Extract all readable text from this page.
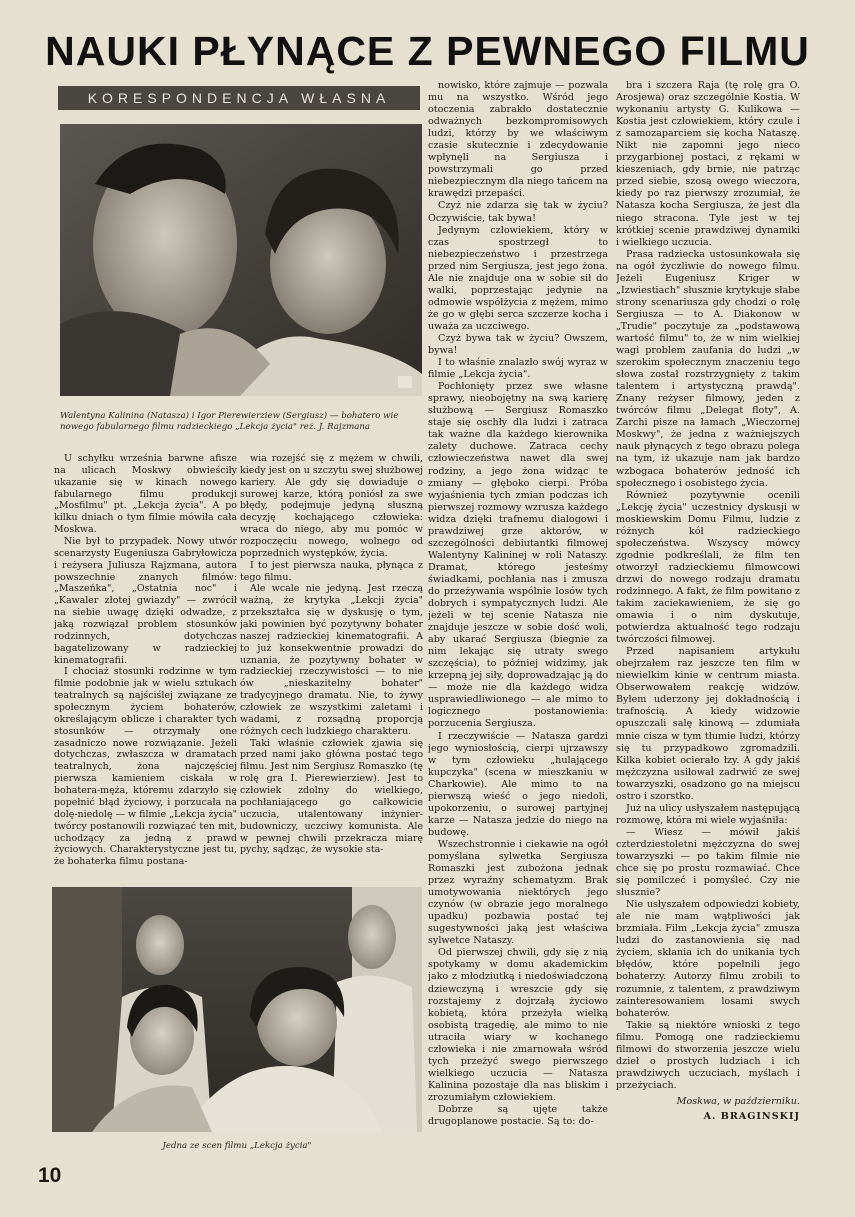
NAUKI PŁYNĄCE Z PEWNEGO FILMU
KORESPONDENCJA WŁASNA
Walentyna Kalinina (Natasza) i Igor Pierewierziew (Sergiusz) — bohatero wie nowego fabularnego filmu radzieckiego „Lekcja życia" reż. J. Rajzmana
Jedna ze scen filmu „Lekcja życia"

U schyłku września barwne afisze na ulicach Moskwy obwieściły ukazanie się w kinach nowego fabularnego filmu produkcji „Mosfilmu" pt. „Lekcja życia". A po kilku dniach o tym filmie mówiła cała Moskwa.

Nie był to przypadek. Nowy utwór scenarzysty Eugeniusza Gabryłowicza i reżysera Juliusza Rajzmana, autora powszechnie znanych filmów: „Maszeńka", „Ostatnia noc" i „Kawaler złotej gwiazdy" — zwrócił na siebie uwagę dzięki odwadze, z jaką rozwiązał problem stosunków rodzinnych, dotychczas bagatelizowany w radzieckiej kinematografii.

I chociaż stosunki rodzinne w tym filmie podobnie jak w wielu sztukach teatralnych są najściślej związane ze społecznym życiem bohaterów, określającym oblicze i charakter tych stosunków — otrzymały one zasadniczo nowe rozwiązanie. Jeżeli dotychczas, zwłaszcza w dramatach teatralnych, żona najczęściej pierwsza kamieniem ciskała w bohatera-męża, któremu zdarzyło się popełnić błąd życiowy, i porzucała na dolę-niedolę — w filmie „Lekcja życia" twórcy postanowili rozwiązać ten mit, uchodzący za jedną z prawd życiowych. Charakterystyczne jest tu, że bohaterka filmu postana-

wia rozejść się z mężem w chwili, kiedy jest on u szczytu swej służbowej kariery. Ale gdy się dowiaduje o surowej karze, którą poniósł za swe błędy, podejmuje jedyną słuszną decyzję kochającego człowieka: wraca do niego, aby mu pomóc w rozpoczęciu nowego, wolnego od poprzednich występków, życia.

I to jest pierwsza nauka, płynąca z tego filmu.

Ale wcale nie jedyną. Jest rzeczą ważną, że krytyka „Lekcji życia" przekształca się w dyskusję o tym, jaki powinien być pozytywny bohater naszej radzieckiej kinematografii. A to już konsekwentnie prowadzi do uznania, że pozytywny bohater w radzieckiej rzeczywistości — to nie ów „nieskazitelny bohater" tradycyjnego dramatu. Nie, to żywy człowiek ze wszystkimi zaletami i wadami, z rozsądną proporcją różnych cech ludzkiego charakteru.

Taki właśnie człowiek zjawia się przed nami jako główna postać tego filmu. Jest nim Sergiusz Romaszko (tę rolę gra I. Pierewierziew). Jest to człowiek zdolny do wielkiego, pochłaniającego go całkowicie uczucia, utalentowany inżynier-budowniczy, uczciwy komunista. Ale w pewnej chwili przekracza miarę pychy, sądząc, że wysokie sta-

nowisko, które zajmuje — pozwala mu na wszystko. Wśród jego otoczenia zabrakło dostatecznie odważnych bezkompromisowych ludzi, którzy by we właściwym czasie skutecznie i zdecydowanie wpłynęli na Sergiusza i powstrzymali go przed niebezpiecznym dla niego tańcem na krawędzi przepaści.

Czyż nie zdarza się tak w życiu? Oczywiście, tak bywa!

Jedynym człowiekiem, który w czas spostrzegł to niebezpieczeństwo i przestrzega przed nim Sergiusza, jest jego żona. Ale nie znajduje ona w sobie sił do walki, poprzestając jedynie na odmowie współżycia z mężem, mimo że go w głębi serca szczerze kocha i uważa za uczciwego.

Czyż bywa tak w życiu? Owszem, bywa!

I to właśnie znalazło swój wyraz w filmie „Lekcja życia".

Pochłonięty przez swe własne sprawy, nieobojętny na swą karierę służbową — Sergiusz Romaszko staje się oschły dla ludzi i zatraca tak ważne dla każdego kierownika zalety duchowe. Zatraca cechy człowieczeństwa nawet dla swej rodziny, a jego żona widząc te zmiany — głęboko cierpi. Próba wyjaśnienia tych zmian podczas ich pierwszej rozmowy wzrusza każdego widza dzięki trafnemu dialogowi i prawdziwej grze aktorów, w szczególności debiutantki filmowej Walentyny Kalininej w roli Nataszy. Dramat, którego jesteśmy świadkami, pochłania nas i zmusza do przeżywania wspólnie losów tych dobrych i sympatycznych ludzi. Ale jeżeli w tej scenie Natasza nie znajduje jeszcze w sobie dość woli, aby ukarać Sergiusza (biegnie za nim lekając się utraty swego szczęścia), to później widzimy, jak krzepną jej siły, doprowadzając ją do — może nie dla każdego widza usprawiedliwionego — ale mimo to logicznego postanowienia: porzucenia Sergiusza.

I rzeczywiście — Natasza gardzi jego wyniosłością, cierpi ujrzawszy w tym człowieku „hulającego kupczyka" (scena w mieszkaniu w Charkowie). Ale mimo to na pierwszą wieść o jego niedoli, upokorzeniu, o surowej partyjnej karze — Natasza jedzie do niego na budowę.

Wszechstronnie i ciekawie na ogół pomyślana sylwetka Sergiusza Romaszki jest zubożona jednak przez wyraźny schematyzm. Brak umotywowania niektórych jego czynów (w obrazie jego moralnego upadku) pozbawia postać tej sugestywności jaką jest właściwa sylwetce Nataszy.

Od pierwszej chwili, gdy się z nią spotykamy w domu akademickim jako z młodziutką i niedoświadczoną dziewczyną i wreszcie gdy się rozstajemy z dojrzałą życiowo kobietą, która przeżyła wielką osobistą tragedię, ale mimo to nie utraciła wiary w kochanego człowieka i nie zmarnowała wśród tych przeżyć swego pierwszego wielkiego uczucia — Natasza Kalinina pozostaje dla nas bliskim i zrozumiałym człowiekiem.

Dobrze są ujęte także drugoplanowe postacie. Są to: do-

bra i szczera Raja (tę rolę gra O. Arosjewa) oraz szczególnie Kostia. W wykonaniu artysty G. Kulikowa — Kostia jest człowiekiem, który czule i z samozaparciem się kocha Nataszę. Nikt nie zapomni jego nieco przygarbionej postaci, z rękami w kieszeniach, gdy brnie, nie patrząc przed siebie, szosą owego wieczora, kiedy po raz pierwszy zrozumiał, że Natasza kocha Sergiusza, że jest dla niego stracona. Tyle jest w tej krótkiej scenie prawdziwej dynamiki i wielkiego uczucia.

Prasa radziecka ustosunkowała się na ogół życzliwie do nowego filmu. Jeżeli Eugeniusz Kriger w „Izwiestiach" słusznie krytykuje słabe strony scenariusza gdy chodzi o rolę Sergiusza — to A. Diakonow w „Trudie" poczytuje za „podstawową wartość filmu" to, że w nim wielkiej wagi problem zaufania do ludzi „w szerokim społecznym znaczeniu tego słowa został rozstrzygnięty z takim talentem i artystyczną prawdą". Znany reżyser filmowy, jeden z twórców filmu „Delegat floty", A. Zarchi pisze na łamach „Wieczornej Moskwy", że jedna z ważniejszych nauk płynących z tego obrazu polega na tym, iż ukazuje nam jak bardzo wzbogaca bohaterów jedność ich społecznego i osobistego życia.

Również pozytywnie ocenili „Lekcję życia" uczestnicy dyskusji w moskiewskim Domu Filmu, ludzie z różnych kół radzieckiego społeczeństwa. Wszyscy mówcy zgodnie podkreślali, że film ten otworzył radzieckiemu filmowcowi drzwi do nowego rodzaju dramatu rodzinnego. A fakt, że film powitano z takim zaciekawieniem, że się go omawia i o nim dyskutuje, potwierdza aktualność tego rodzaju twórczości filmowej.

Przed napisaniem artykułu obejrzałem raz jeszcze ten film w niewielkim kinie w centrum miasta. Obserwowałem reakcję widzów. Byłem uderzony jej dokładnością i trafnością. A kiedy widzowie opuszczali salę kinową — zdumiała mnie cisza w tym tłumie ludzi, którzy się tu przypadkowo zgromadzili. Kilka kobiet ocierało łzy. A gdy jakiś mężczyzna usiłował zadrwić ze swej towarzyszki, osadzono go na miejscu ostro i szorstko.

Już na ulicy usłyszałem następującą rozmowę, która mi wiele wyjaśniła:

— Wiesz — mówił jakiś czterdziestoletni mężczyzna do swej towarzyszki — po takim filmie nie chce się po prostu rozmawiać. Chce się pomilczeć i pomyśleć. Czy nie słusznie?

Nie usłyszałem odpowiedzi kobiety, ale nie mam wątpliwości jak brzmiała. Film „Lekcja życia" zmusza ludzi do zastanowienia się nad życiem, skłania ich do unikania tych błędów, które popełnili jego bohaterzy. Autorzy filmu zrobili to rozumnie, z talentem, z prawdziwym zainteresowaniem losami swych bohaterów.

Takie są niektóre wnioski z tego filmu. Pomogą one radzieckiemu filmowi do stworzenia jeszcze wielu dzieł o prostych ludziach i ich prawdziwych uczuciach, myślach i przeżyciach.

Moskwa, w październiku.

A. BRAGINSKIJ

10
